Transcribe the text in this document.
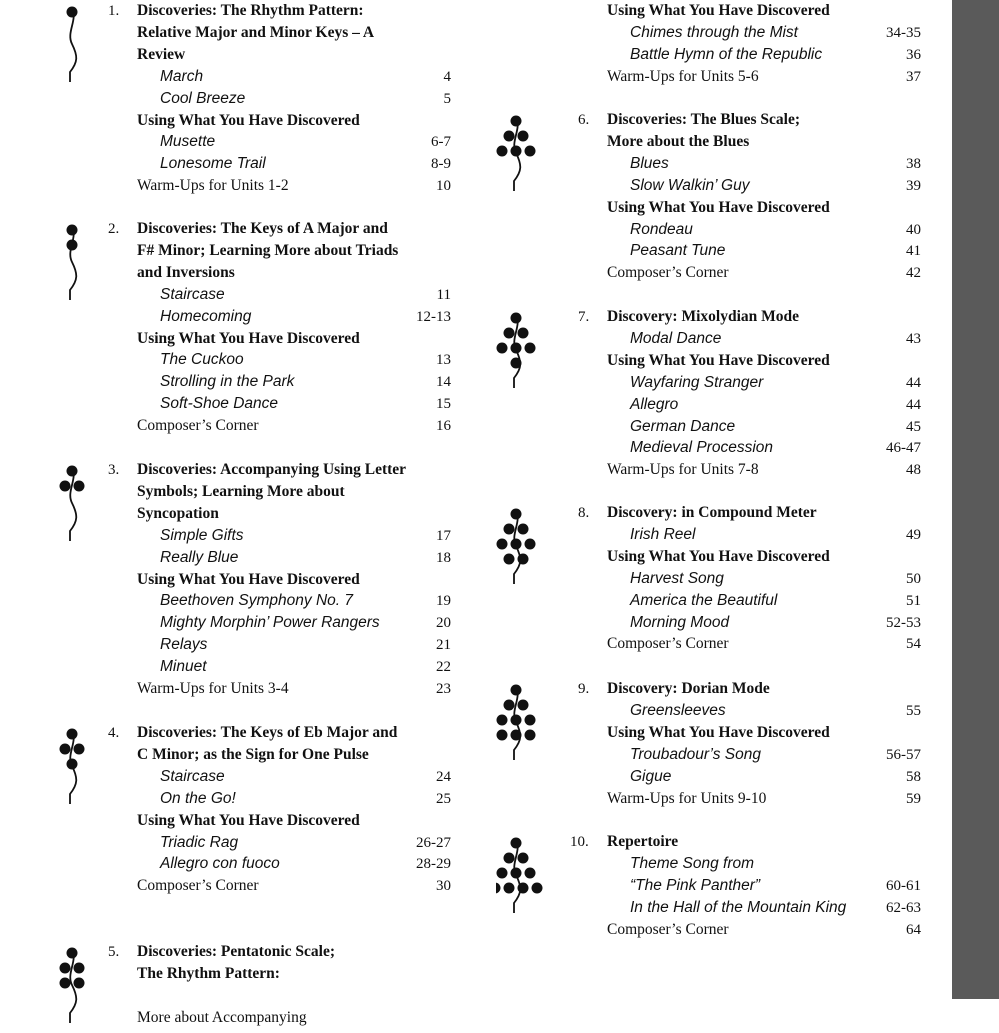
1. Discoveries: The Rhythm Pattern:
Relative Major and Minor Keys – A
Review
March	4
Cool Breeze	5
Using What You Have Discovered
Musette	6-7
Lonesome Trail	8-9
Warm-Ups for Units 1-2	10
2. Discoveries: The Keys of A Major and
F# Minor; Learning More about Triads
and Inversions
Staircase	11
Homecoming	12-13
Using What You Have Discovered
The Cuckoo	13
Strolling in the Park	14
Soft-Shoe Dance	15
Composer’s Corner	16
3. Discoveries: Accompanying Using Letter
Symbols; Learning More about
Syncopation
Simple Gifts	17
Really Blue	18
Using What You Have Discovered
Beethoven Symphony No. 7	19
Mighty Morphin’ Power Rangers	20
Relays	21
Minuet	22
Warm-Ups for Units 3-4	23
4. Discoveries: The Keys of Eb Major and
C Minor; as the Sign for One Pulse
Staircase	24
On the Go!	25
Using What You Have Discovered
Triadic Rag	26-27
Allegro con fuoco	28-29
Composer’s Corner	30
5. Discoveries: Pentatonic Scale;
The Rhythm Pattern:
More about Accompanying
Using What You Have Discovered
Chimes through the Mist	34-35
Battle Hymn of the Republic	36
Warm-Ups for Units 5-6	37
6. Discoveries: The Blues Scale;
More about the Blues
Blues	38
Slow Walkin’ Guy	39
Using What You Have Discovered
Rondeau	40
Peasant Tune	41
Composer’s Corner	42
7. Discovery: Mixolydian Mode
Modal Dance	43
Using What You Have Discovered
Wayfaring Stranger	44
Allegro	44
German Dance	45
Medieval Procession	46-47
Warm-Ups for Units 7-8	48
8. Discovery: in Compound Meter
Irish Reel	49
Using What You Have Discovered
Harvest Song	50
America the Beautiful	51
Morning Mood	52-53
Composer’s Corner	54
9. Discovery: Dorian Mode
Greensleeves	55
Using What You Have Discovered
Troubadour’s Song	56-57
Gigue	58
Warm-Ups for Units 9-10	59
10. Repertoire
Theme Song from
“The Pink Panther”	60-61
In the Hall of the Mountain King	62-63
Composer’s Corner	64
